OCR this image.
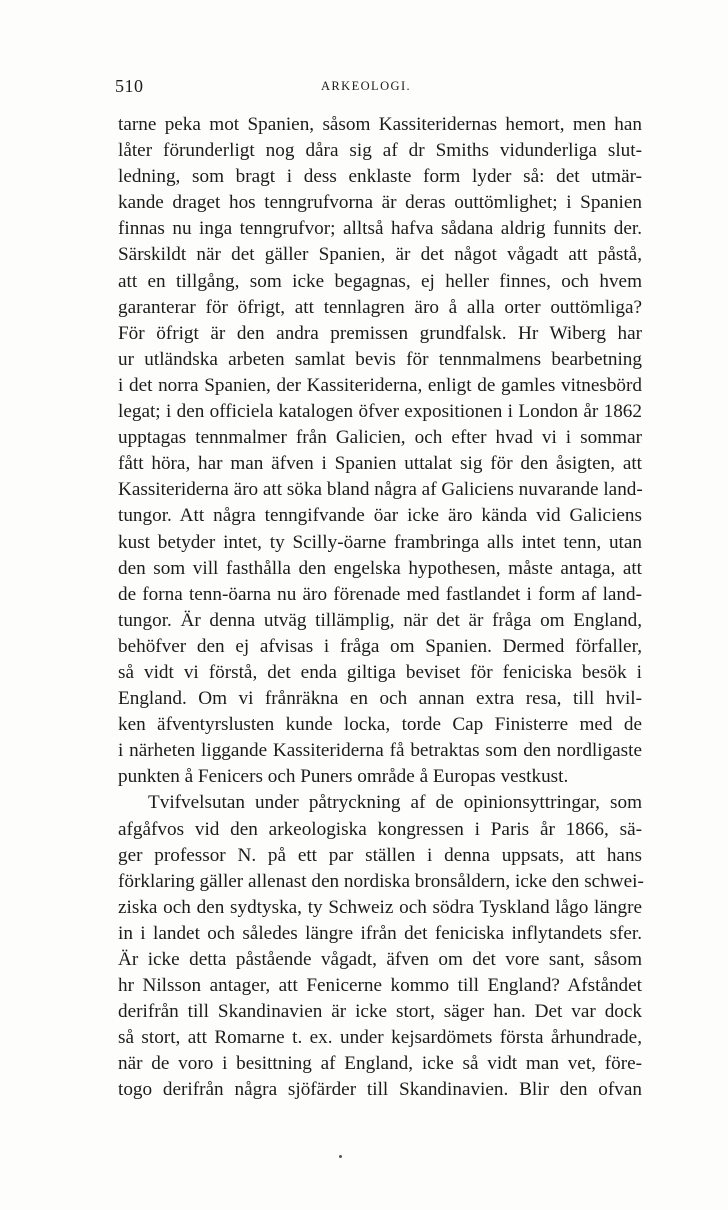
510	ARKEOLOGI.
tarne peka mot Spanien, såsom Kassiteridernas hemort, men han
låter förunderligt nog dåra sig af dr Smiths vidunderliga slut-
ledning, som bragt i dess enklaste form lyder så: det utmär-
kande draget hos tenngrufvorna är deras outtömlighet; i Spanien
finnas nu inga tenngrufvor; alltså hafva sådana aldrig funnits der.
Särskildt när det gäller Spanien, är det något vågadt att påstå,
att en tillgång, som icke begagnas, ej heller finnes, och hvem
garanterar för öfrigt, att tennlagren äro å alla orter outtömliga?
För öfrigt är den andra premissen grundfalsk. Hr Wiberg har
ur utländska arbeten samlat bevis för tennmalmens bearbetning
i det norra Spanien, der Kassiteriderna, enligt de gamles vitnesbörd
legat; i den officiela katalogen öfver expositionen i London år 1862
upptagas tennmalmer från Galicien, och efter hvad vi i sommar
fått höra, har man äfven i Spanien uttalat sig för den åsigten, att
Kassiteriderna äro att söka bland några af Galiciens nuvarande land-
tungor. Att några tenngifvande öar icke äro kända vid Galiciens
kust betyder intet, ty Scilly-öarne frambringa alls intet tenn, utan
den som vill fasthålla den engelska hypothesen, måste antaga, att
de forna tenn-öarna nu äro förenade med fastlandet i form af land-
tungor. Är denna utväg tillämplig, när det är fråga om England,
behöfver den ej afvisas i fråga om Spanien. Dermed förfaller,
så vidt vi förstå, det enda giltiga beviset för feniciska besök i
England. Om vi frånräkna en och annan extra resa, till hvil-
ken äfventyrslusten kunde locka, torde Cap Finisterre med de
i närheten liggande Kassiteriderna få betraktas som den nordligaste
punkten å Fenicers och Puners område å Europas vestkust.
Tvifvelsutan under påtryckning af de opinionsyttringar, som
afgåfvos vid den arkeologiska kongressen i Paris år 1866, sä-
ger professor N. på ett par ställen i denna uppsats, att hans
förklaring gäller allenast den nordiska bronsåldern, icke den schwei-
ziska och den sydtyska, ty Schweiz och södra Tyskland lågo längre
in i landet och således längre ifrån det feniciska inflytandets sfer.
Är icke detta påstående vågadt, äfven om det vore sant, såsom
hr Nilsson antager, att Fenicerne kommo till England? Afståndet
derifrån till Skandinavien är icke stort, säger han. Det var dock
så stort, att Romarne t. ex. under kejsardömets första århundrade,
när de voro i besittning af England, icke så vidt man vet, före-
togo derifrån några sjöfärder till Skandinavien. Blir den ofvan
